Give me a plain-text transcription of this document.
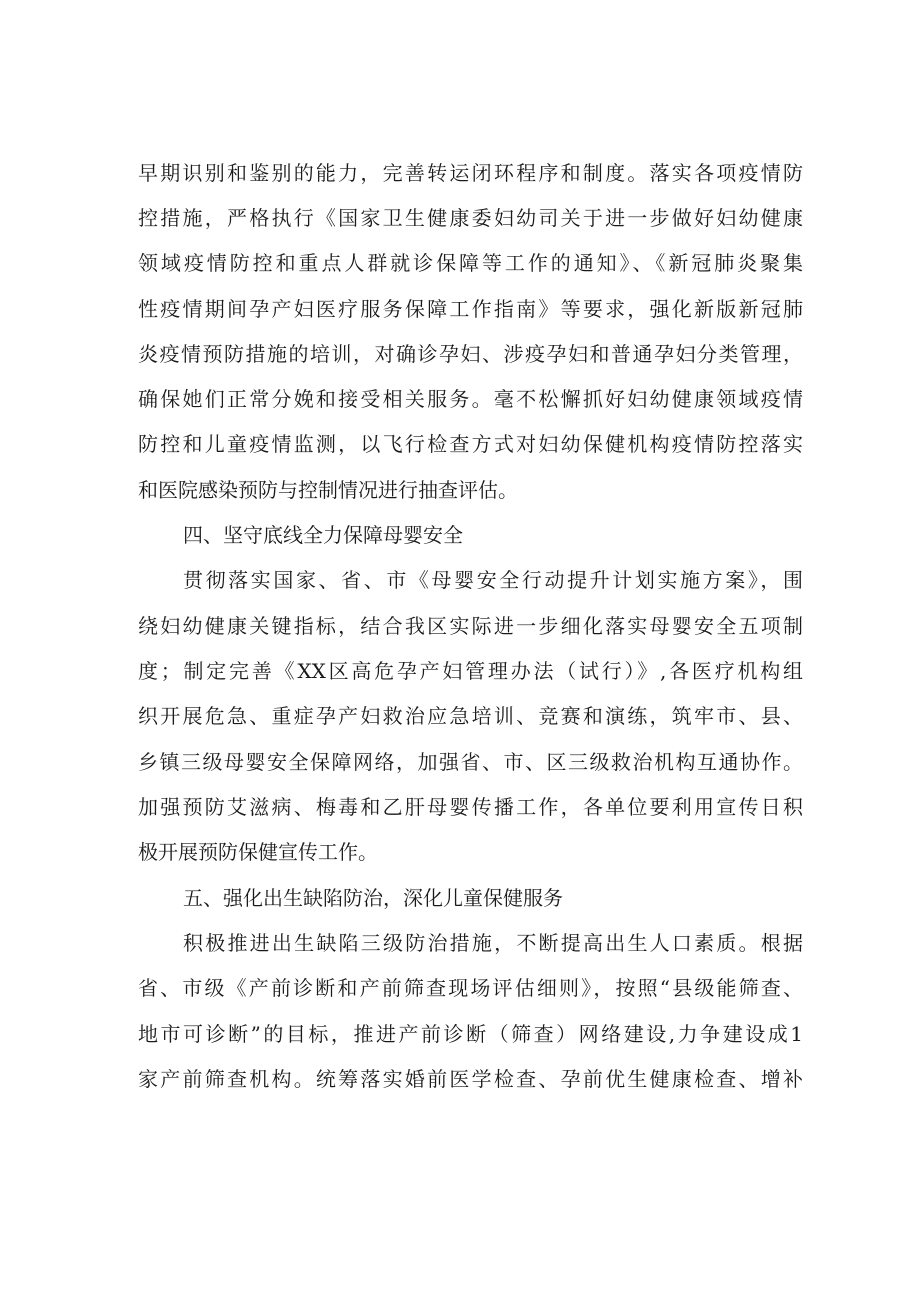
早期识别和鉴别的能力，完善转运闭环程序和制度。落实各项疫情防
控措施，严格执行《国家卫生健康委妇幼司关于进一步做好妇幼健康
领域疫情防控和重点人群就诊保障等工作的通知》、《新冠肺炎聚集
性疫情期间孕产妇医疗服务保障工作指南》等要求，强化新版新冠肺
炎疫情预防措施的培训，对确诊孕妇、涉疫孕妇和普通孕妇分类管理，
确保她们正常分娩和接受相关服务。毫不松懈抓好妇幼健康领域疫情
防控和儿童疫情监测，以飞行检查方式对妇幼保健机构疫情防控落实
和医院感染预防与控制情况进行抽查评估。
四、坚守底线全力保障母婴安全
贯彻落实国家、省、市《母婴安全行动提升计划实施方案》，围
绕妇幼健康关键指标，结合我区实际进一步细化落实母婴安全五项制
度；制定完善《XX区高危孕产妇管理办法（试行）》,各医疗机构组
织开展危急、重症孕产妇救治应急培训、竞赛和演练，筑牢市、县、
乡镇三级母婴安全保障网络，加强省、市、区三级救治机构互通协作。
加强预防艾滋病、梅毒和乙肝母婴传播工作，各单位要利用宣传日积
极开展预防保健宣传工作。
五、强化出生缺陷防治，深化儿童保健服务
积极推进出生缺陷三级防治措施，不断提高出生人口素质。根据
省、市级《产前诊断和产前筛查现场评估细则》，按照“县级能筛查、
地市可诊断”的目标，推进产前诊断（筛查）网络建设,力争建设成1
家产前筛查机构。统筹落实婚前医学检查、孕前优生健康检查、增补
